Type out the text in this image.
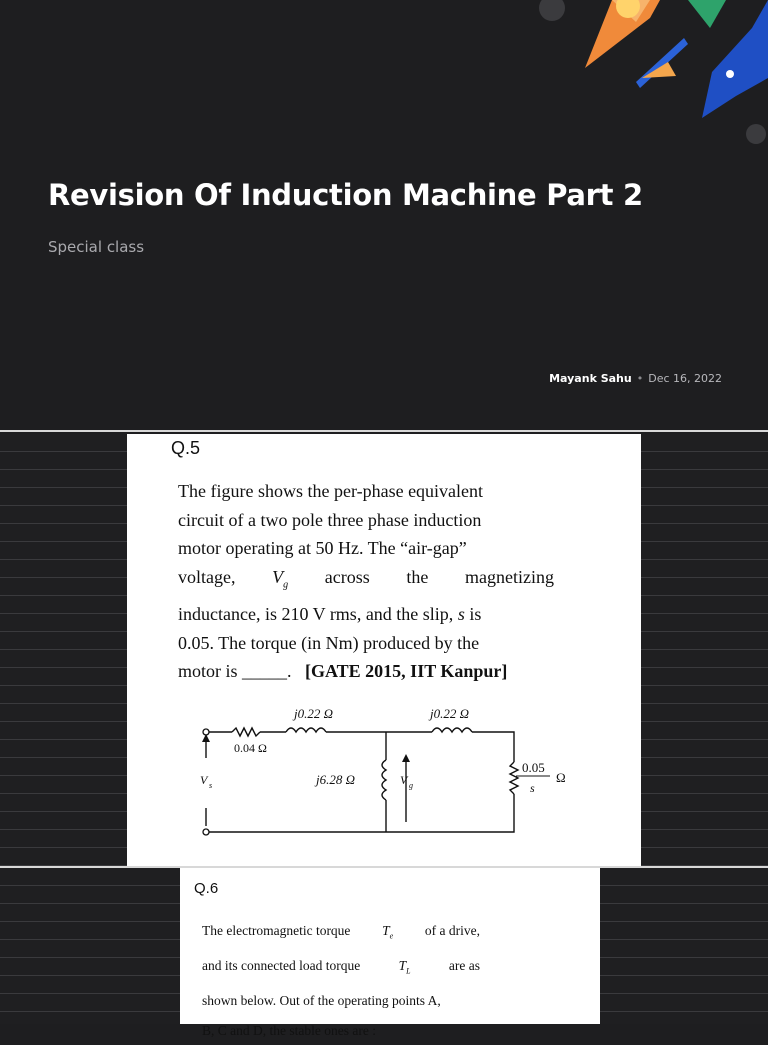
Revision Of Induction Machine Part 2
Special class
Mayank Sahu • Dec 16, 2022
Q.5
The figure shows the per-phase equivalent
circuit of a two pole three phase induction
motor operating at 50 Hz. The “air-gap”
voltage, $V_g$ across the magnetizing
inductance, is 210 V rms, and the slip, s is
0.05. The torque (in Nm) produced by the
motor is _____. [GATE 2015, IIT Kanpur]
j0.22 Ω	j0.22 Ω
0.04 Ω
j6.28 Ω
V s	V g
0.05
s
Ω
Q.6
The electromagnetic torque $T_e$ of a drive,
and its connected load torque	$T_L$	are as
shown below. Out of the operating points A,
B, C and D, the stable ones are :
